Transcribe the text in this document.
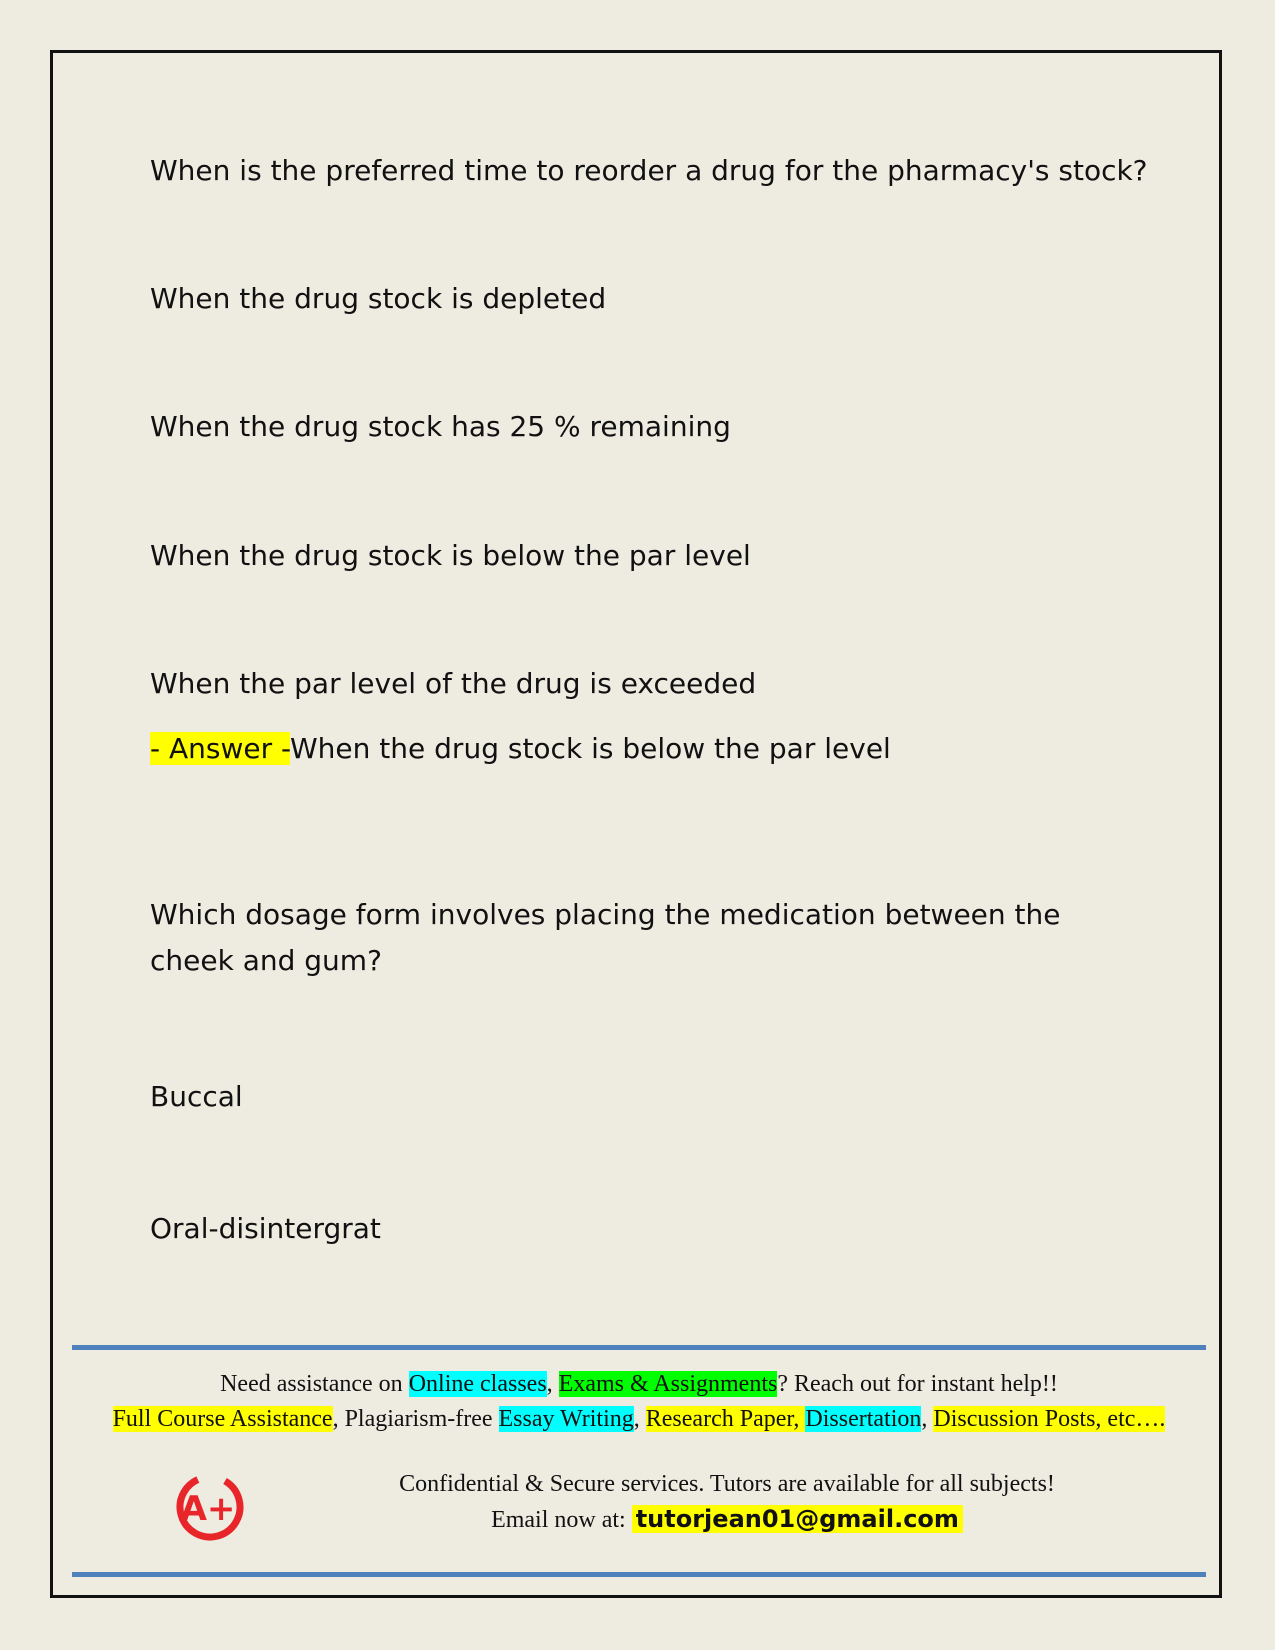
When is the preferred time to reorder a drug for the pharmacy's stock?
When the drug stock is depleted
When the drug stock has 25 % remaining
When the drug stock is below the par level
When the par level of the drug is exceeded
- Answer -When the drug stock is below the par level
Which dosage form involves placing the medication between the cheek and gum?
Buccal
Oral-disintergrat
Need assistance on Online classes, Exams & Assignments? Reach out for instant help!!
Full Course Assistance, Plagiarism-free Essay Writing, Research Paper, Dissertation, Discussion Posts, etc….
A+
Confidential & Secure services. Tutors are available for all subjects!
Email now at: tutorjean01@gmail.com
